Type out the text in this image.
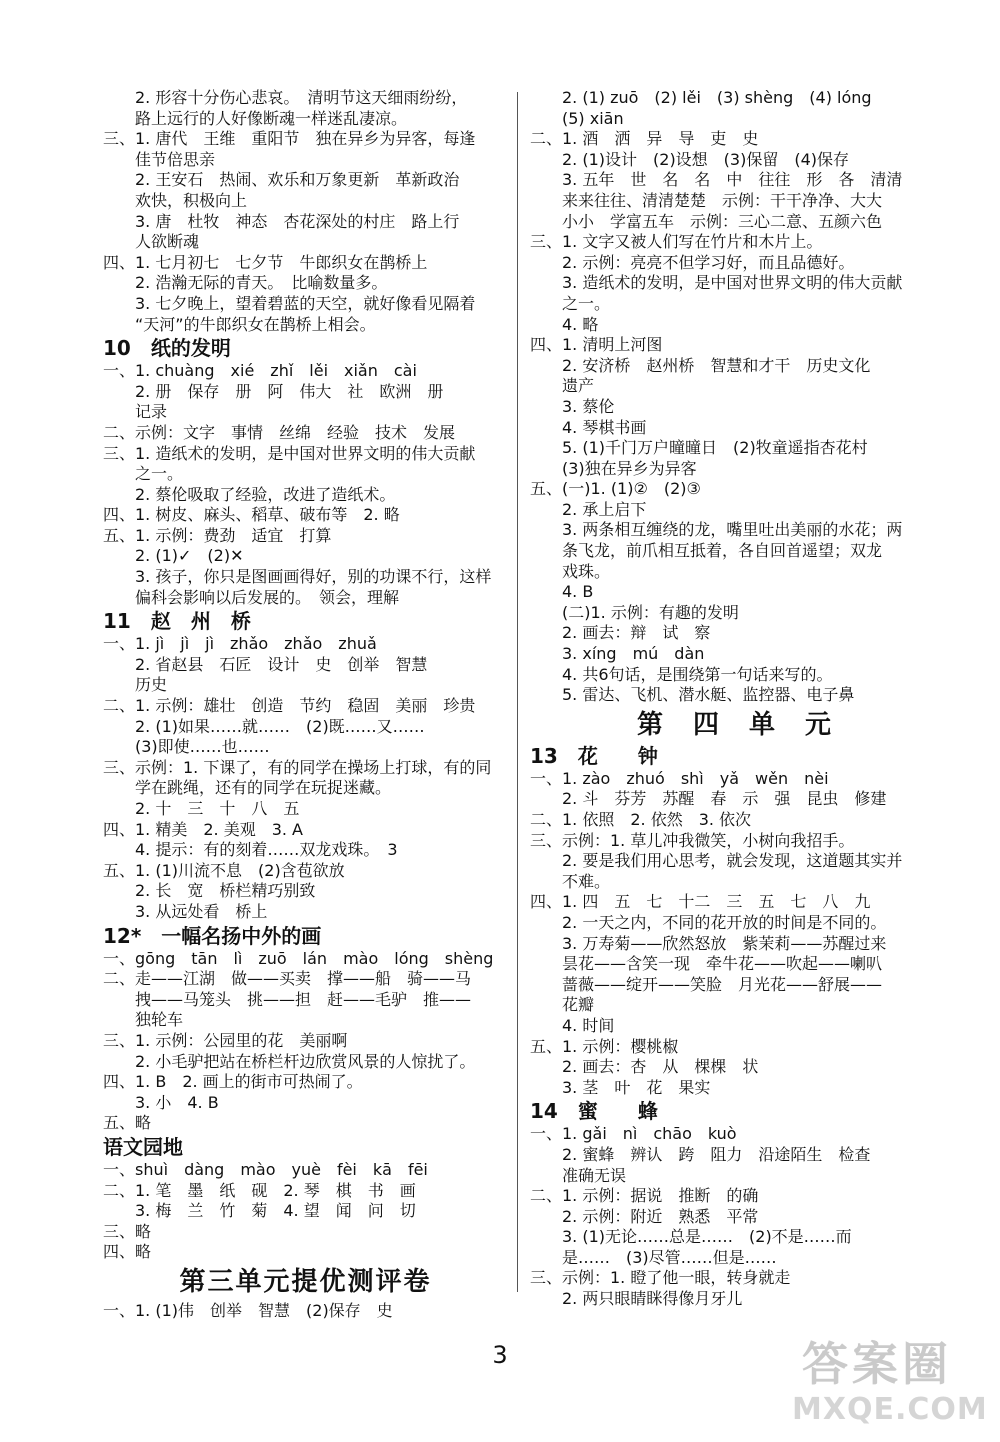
　　2. 形容十分伤心悲哀。　清明节这天细雨纷纷，
　　路上远行的人好像断魂一样迷乱凄凉。
三、1. 唐代　王维　重阳节　独在异乡为异客，每逢
　　佳节倍思亲
　　2. 王安石　热闹、欢乐和万象更新　革新政治
　　欢快，积极向上
　　3. 唐　杜牧　神态　杏花深处的村庄　路上行
　　人欲断魂
四、1. 七月初七　七夕节　牛郎织女在鹊桥上
　　2. 浩瀚无际的青天。　比喻数量多。
　　3. 七夕晚上，望着碧蓝的天空，就好像看见隔着
　　“天河”的牛郎织女在鹊桥上相会。
10　纸的发明
一、1. chuàng　xié　zhǐ　lěi　xiǎn　cài
　　2. 册　保存　册　阿　伟大　社　欧洲　册
　　记录
二、示例：文字　事情　丝绵　经验　技术　发展
三、1. 造纸术的发明，是中国对世界文明的伟大贡献
　　之一。
　　2. 蔡伦吸取了经验，改进了造纸术。
四、1. 树皮、麻头、稻草、破布等　2. 略
五、1. 示例：费劲　适宜　打算
　　2. (1)✓　(2)✕
　　3. 孩子，你只是图画画得好，别的功课不行，这样
　　偏科会影响以后发展的。　领会，理解
11　赵　州　桥
一、1. jì　jì　jì　zhǎo　zhǎo　zhuǎ
　　2. 省赵县　石匠　设计　史　创举　智慧
　　历史
二、1. 示例：雄壮　创造　节约　稳固　美丽　珍贵
　　2. (1)如果……就……　(2)既……又……
　　(3)即使……也……
三、示例：1. 下课了，有的同学在操场上打球，有的同
　　学在跳绳，还有的同学在玩捉迷藏。
　　2. 十　三　十　八　五
四、1. 精美　2. 美观　3. A
　　4. 提示：有的刻着……双龙戏珠。　3
五、1. (1)川流不息　(2)含苞欲放
　　2. 长　宽　桥栏精巧别致
　　3. 从远处看　桥上
12*　一幅名扬中外的画
一、gōng　tān　lì　zuō　lán　mào　lóng　shèng
二、走——江湖　做——买卖　撑——船　骑——马
　　拽——马笼头　挑——担　赶——毛驴　推——
　　独轮车
三、1. 示例：公园里的花　美丽啊
　　2. 小毛驴把站在桥栏杆边欣赏风景的人惊扰了。
四、1. B　2. 画上的街市可热闹了。
　　3. 小　4. B
五、略
语文园地
一、shuì　dàng　mào　yuè　fèi　kā　fēi
二、1. 笔　墨　纸　砚　2. 琴　棋　书　画
　　3. 梅　兰　竹　菊　4. 望　闻　问　切
三、略
四、略
第三单元提优测评卷
一、1. (1)伟　创举　智慧　(2)保存　史
　　2. (1) zuō　(2) lěi　(3) shèng　(4) lóng
　　(5) xiān
二、1. 酒　洒　异　导　吏　史
　　2. (1)设计　(2)设想　(3)保留　(4)保存
　　3. 五年　世　名　名　中　往往　形　各　清清
　　来来往往、清清楚楚　示例：干干净净、大大
　　小小　学富五车　示例：三心二意、五颜六色
三、1. 文字又被人们写在竹片和木片上。
　　2. 示例：亮亮不但学习好，而且品德好。
　　3. 造纸术的发明，是中国对世界文明的伟大贡献
　　之一。
　　4. 略
四、1. 清明上河图
　　2. 安济桥　赵州桥　智慧和才干　历史文化
　　遗产
　　3. 蔡伦
　　4. 琴棋书画
　　5. (1)千门万户曈曈日　(2)牧童遥指杏花村
　　(3)独在异乡为异客
五、(一)1. (1)②　(2)③
　　2. 承上启下
　　3. 两条相互缠绕的龙，嘴里吐出美丽的水花；两
　　条飞龙，前爪相互抵着，各自回首遥望；双龙
　　戏珠。
　　4. B
　　(二)1. 示例：有趣的发明
　　2. 画去：辩　试　察
　　3. xíng　mú　dàn
　　4. 共6句话，是围绕第一句话来写的。
　　5. 雷达、飞机、潜水艇、监控器、电子鼻
第　四　单　元
13　花　　钟
一、1. zào　zhuó　shì　yǎ　wěn　nèi
　　2. 斗　芬芳　苏醒　春　示　强　昆虫　修建
二、1. 依照　2. 依然　3. 依次
三、示例：1. 草儿冲我微笑，小树向我招手。
　　2. 要是我们用心思考，就会发现，这道题其实并
　　不难。
四、1. 四　五　七　十二　三　五　七　八　九
　　2. 一天之内，不同的花开放的时间是不同的。
　　3. 万寿菊——欣然怒放　紫茉莉——苏醒过来
　　昙花——含笑一现　牵牛花——吹起——喇叭
　　蔷薇——绽开——笑脸　月光花——舒展——
　　花瓣
　　4. 时间
五、1. 示例：樱桃椒
　　2. 画去：杏　从　棵棵　状
　　3. 茎　叶　花　果实
14　蜜　　蜂
一、1. gǎi　nì　chāo　kuò
　　2. 蜜蜂　辨认　跨　阻力　沿途陌生　检查
　　准确无误
二、1. 示例：据说　推断　的确
　　2. 示例：附近　熟悉　平常
　　3. (1)无论……总是……　(2)不是……而
　　是……　(3)尽管……但是……
三、示例：1. 瞪了他一眼，转身就走
　　2. 两只眼睛眯得像月牙儿
3	答案圈
MXQE.COM
